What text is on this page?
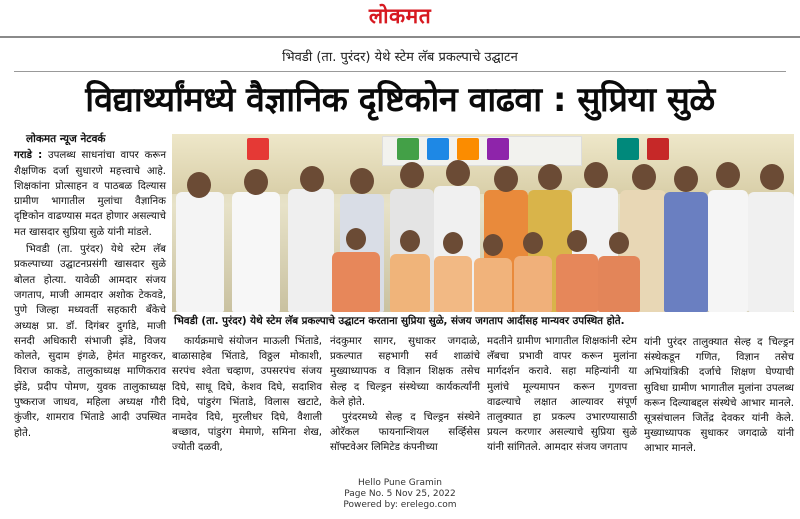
लोकमत
भिवडी (ता. पुरंदर) येथे स्टेम लॅब प्रकल्पाचे उद्घाटन
विद्यार्थ्यांमध्ये वैज्ञानिक दृष्टिकोन वाढवा : सुप्रिया सुळे
लोकमत न्यूज नेटवर्क

गराडे : उपलब्ध साधनांचा वापर करून शैक्षणिक दर्जा सुधारणे महत्त्वाचे आहे. शिक्षकांना प्रोत्साहन व पाठबळ दिल्यास ग्रामीण भागातील मुलांचा वैज्ञानिक दृष्टिकोन वाढण्यास मदत होणार असल्याचे मत खासदार सुप्रिया सुळे यांनी मांडले.

भिवडी (ता. पुरंदर) येथे स्टेम लॅब प्रकल्पाच्या उद्घाटनप्रसंगी खासदार सुळे बोलत होत्या. यावेळी आमदार संजय जगताप, माजी आमदार अशोक टेकवडे, पुणे जिल्हा मध्यवर्ती सहकारी बँकेचे अध्यक्ष प्रा. डॉ. दिगंबर दुर्गाडे, माजी सनदी अधिकारी संभाजी झेंडे, विजय कोलते, सुदाम इंगळे, हेमंत माहुरकर, विराज काकडे, तालुकाध्यक्ष माणिकराव झेंडे, प्रदीप पोमण, युवक तालुकाध्यक्ष पुष्कराज जाधव, महिला अध्यक्ष गौरी कुंजीर, शामराव भिंताडे आदी उपस्थित होते.

भिवडी (ता. पुरंदर) येथे स्टेम लॅब प्रकल्पाचे उद्घाटन करताना सुप्रिया सुळे, संजय जगताप आदींसह मान्यवर उपस्थित होते.

कार्यक्रमाचे संयोजन माऊली भिंताडे, बाळासाहेब भिंताडे, विठ्ठल मोकाशी, सरपंच श्वेता चव्हाण, उपसरपंच संजय दिघे, साधू दिघे, केशव दिघे, सदाशिव दिघे, पांडुरंग भिंताडे, विलास खटाटे, नामदेव दिघे, मुरलीधर दिघे, वैशाली बच्छाव, पांडुरंग मेमाणे, समिना शेख, ज्योती दळवी,

नंदकुमार सागर, सुधाकर जगदाळे, प्रकल्पात सहभागी सर्व शाळांचे मुख्याध्यापक व विज्ञान शिक्षक तसेच सेल्ह द चिल्ड्रन संस्थेच्या कार्यकर्त्यांनी केले होते.

पुरंदरमध्ये सेल्ह द चिल्ड्रन संस्थेने ओरॅकल फायनान्शियल सर्व्हिसेस सॉफ्टवेअर लिमिटेड कंपनीच्या

मदतीने ग्रामीण भागातील शिक्षकांनी स्टेम लॅबचा प्रभावी वापर करून मुलांना मार्गदर्शन करावे. सहा महिन्यांनी या मुलांचे मूल्यमापन करून गुणवत्ता वाढल्याचे लक्षात आल्यावर संपूर्ण तालुक्यात हा प्रकल्प उभारण्यासाठी प्रयत्न करणार असल्याचे सुप्रिया सुळे यांनी सांगितले. आमदार संजय जगताप

यांनी पुरंदर तालुक्यात सेल्ह द चिल्ड्रन संस्थेकडून गणित, विज्ञान तसेच अभियांत्रिकी दर्जाचे शिक्षण घेण्याची सुविधा ग्रामीण भागातील मुलांना उपलब्ध करून दिल्याबद्दल संस्थेचे आभार मानले. सूत्रसंचालन जितेंद्र देवकर यांनी केले. मुख्याध्यापक सुधाकर जगदाळे यांनी आभार मानले.

Hello Pune Gramin
Page No. 5 Nov 25, 2022
Powered by: erelego.com
